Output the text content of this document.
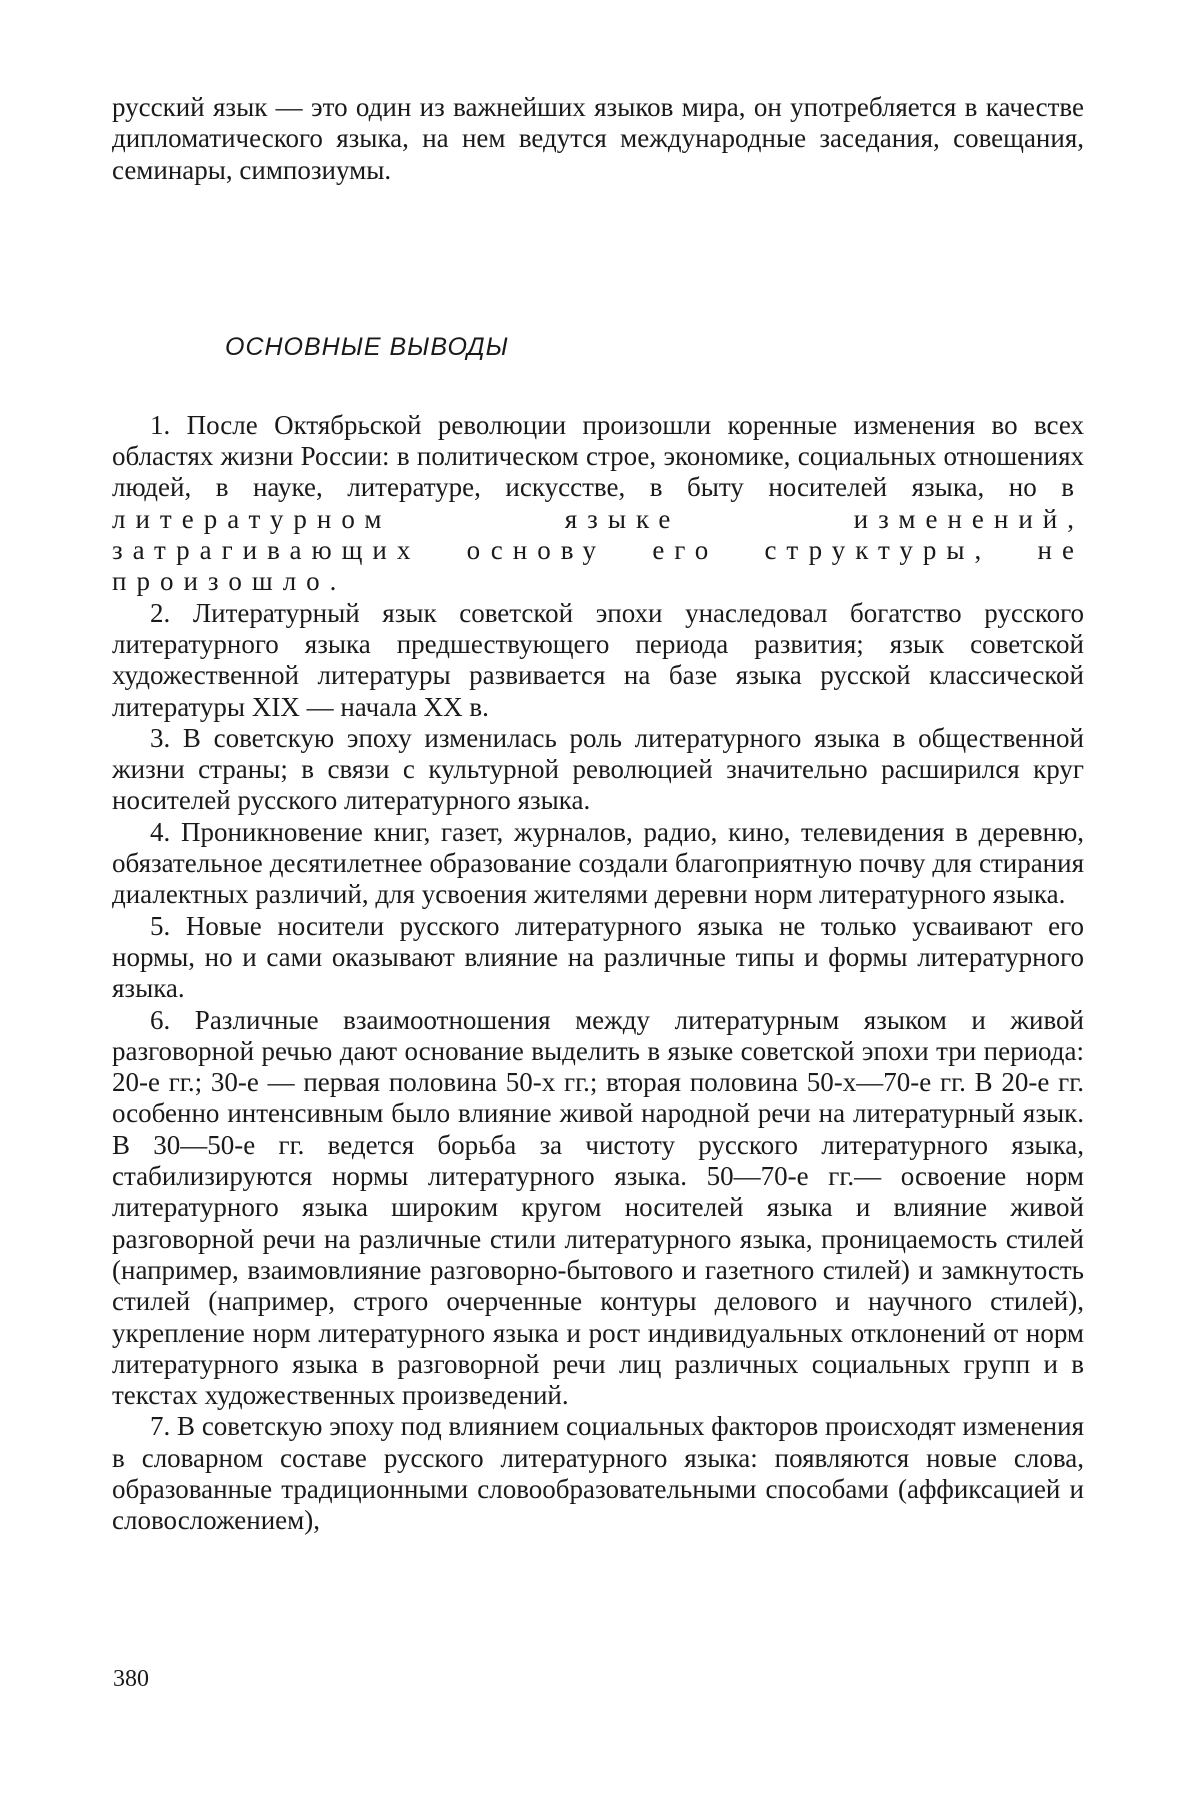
русский язык — это один из важнейших языков мира, он употребляется в качестве дипломатического языка, на нем ведутся международные заседания, совещания, семинары, симпозиумы.

ОСНОВНЫЕ ВЫВОДЫ

1. После Октябрьской революции произошли коренные изменения во всех областях жизни России: в политическом строе, экономике, социальных отношениях людей, в науке, литературе, искусстве, в быту носителей языка, но в литературном языке изменений, затрагивающих основу его структуры, не произошло.

2. Литературный язык советской эпохи унаследовал богатство русского литературного языка предшествующего периода развития; язык советской художественной литературы развивается на базе языка русской классической литературы XIX — начала XX в.

3. В советскую эпоху изменилась роль литературного языка в общественной жизни страны; в связи с культурной революцией значительно расширился круг носителей русского литературного языка.

4. Проникновение книг, газет, журналов, радио, кино, телевидения в деревню, обязательное десятилетнее образование создали благоприятную почву для стирания диалектных различий, для усвоения жителями деревни норм литературного языка.

5. Новые носители русского литературного языка не только усваивают его нормы, но и сами оказывают влияние на различные типы и формы литературного языка.

6. Различные взаимоотношения между литературным языком и живой разговорной речью дают основание выделить в языке советской эпохи три периода: 20-е гг.; 30-е — первая половина 50-х гг.; вторая половина 50-х—70-е гг. В 20-е гг. особенно интенсивным было влияние живой народной речи на литературный язык. В 30—50-е гг. ведется борьба за чистоту русского литературного языка, стабилизируются нормы литературного языка. 50—70-е гг.— освоение норм литературного языка широким кругом носителей языка и влияние живой разговорной речи на различные стили литературного языка, проницаемость стилей (например, взаимовлияние разговорно-бытового и газетного стилей) и замкнутость стилей (например, строго очерченные контуры делового и научного стилей), укрепление норм литературного языка и рост индивидуальных отклонений от норм литературного языка в разговорной речи лиц различных социальных групп и в текстах художественных произведений.

7. В советскую эпоху под влиянием социальных факторов происходят изменения в словарном составе русского литературного языка: появляются новые слова, образованные традиционными словообразовательными способами (аффиксацией и словосложением),

380
